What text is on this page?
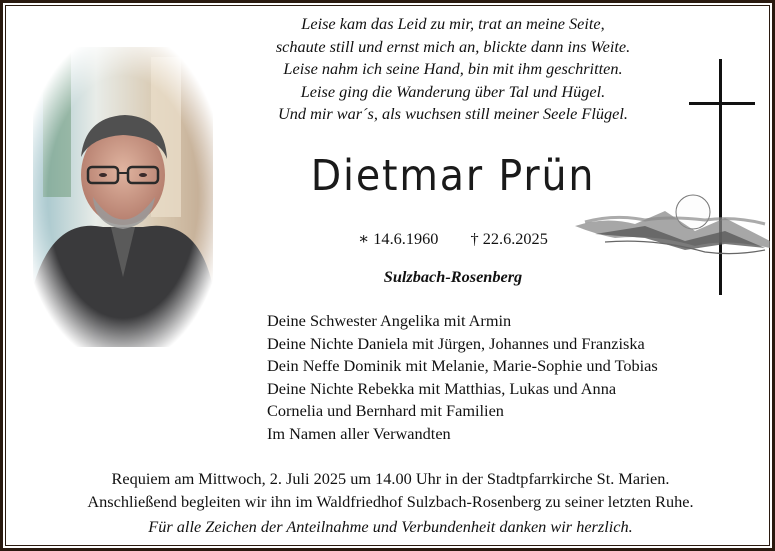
Leise kam das Leid zu mir, trat an meine Seite,
schaute still und ernst mich an, blickte dann ins Weite.
Leise nahm ich seine Hand, bin mit ihm geschritten.
Leise ging die Wanderung über Tal und Hügel.
Und mir war´s, als wuchsen still meiner Seele Flügel.
Dietmar Prün
∗ 14.6.1960 † 22.6.2025
Sulzbach-Rosenberg
Deine Schwester Angelika mit Armin
Deine Nichte Daniela mit Jürgen, Johannes und Franziska
Dein Neffe Dominik mit Melanie, Marie-Sophie und Tobias
Deine Nichte Rebekka mit Matthias, Lukas und Anna
Cornelia und Bernhard mit Familien
Im Namen aller Verwandten
Requiem am Mittwoch, 2. Juli 2025 um 14.00 Uhr in der Stadtpfarrkirche St. Marien.
Anschließend begleiten wir ihn im Waldfriedhof Sulzbach-Rosenberg zu seiner letzten Ruhe.
Für alle Zeichen der Anteilnahme und Verbundenheit danken wir herzlich.
